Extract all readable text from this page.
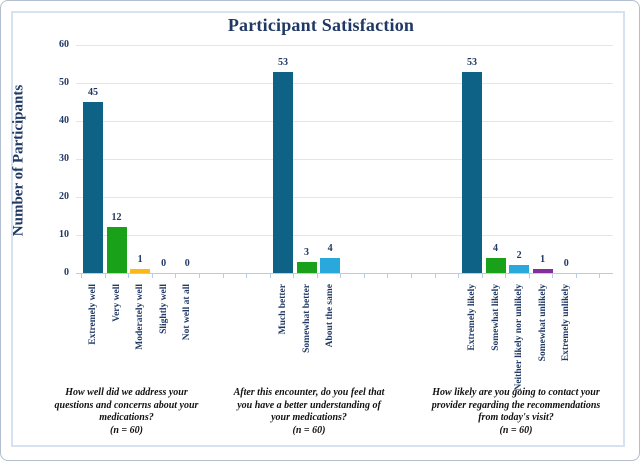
Participant Satisfaction
Number of Participants
0
10
20
30
40
50
60
45
Extremely well
12
Very well
1
Moderately well
0
Slightly well
0
Not well at all
How well did we address your questions and concerns about your medications?
(n = 60)
53
Much better
3
Somewhat better
4
About the same
After this encounter, do you feel that you have a better understanding of your medications?
(n = 60)
53
Extremely likely
4
Somewhat likely
2
Neither likely nor unlikely
1
Somewhat unlikely
0
Extremely unlikely
How likely are you going to contact your provider regarding the recommendations from today's visit?
(n = 60)
